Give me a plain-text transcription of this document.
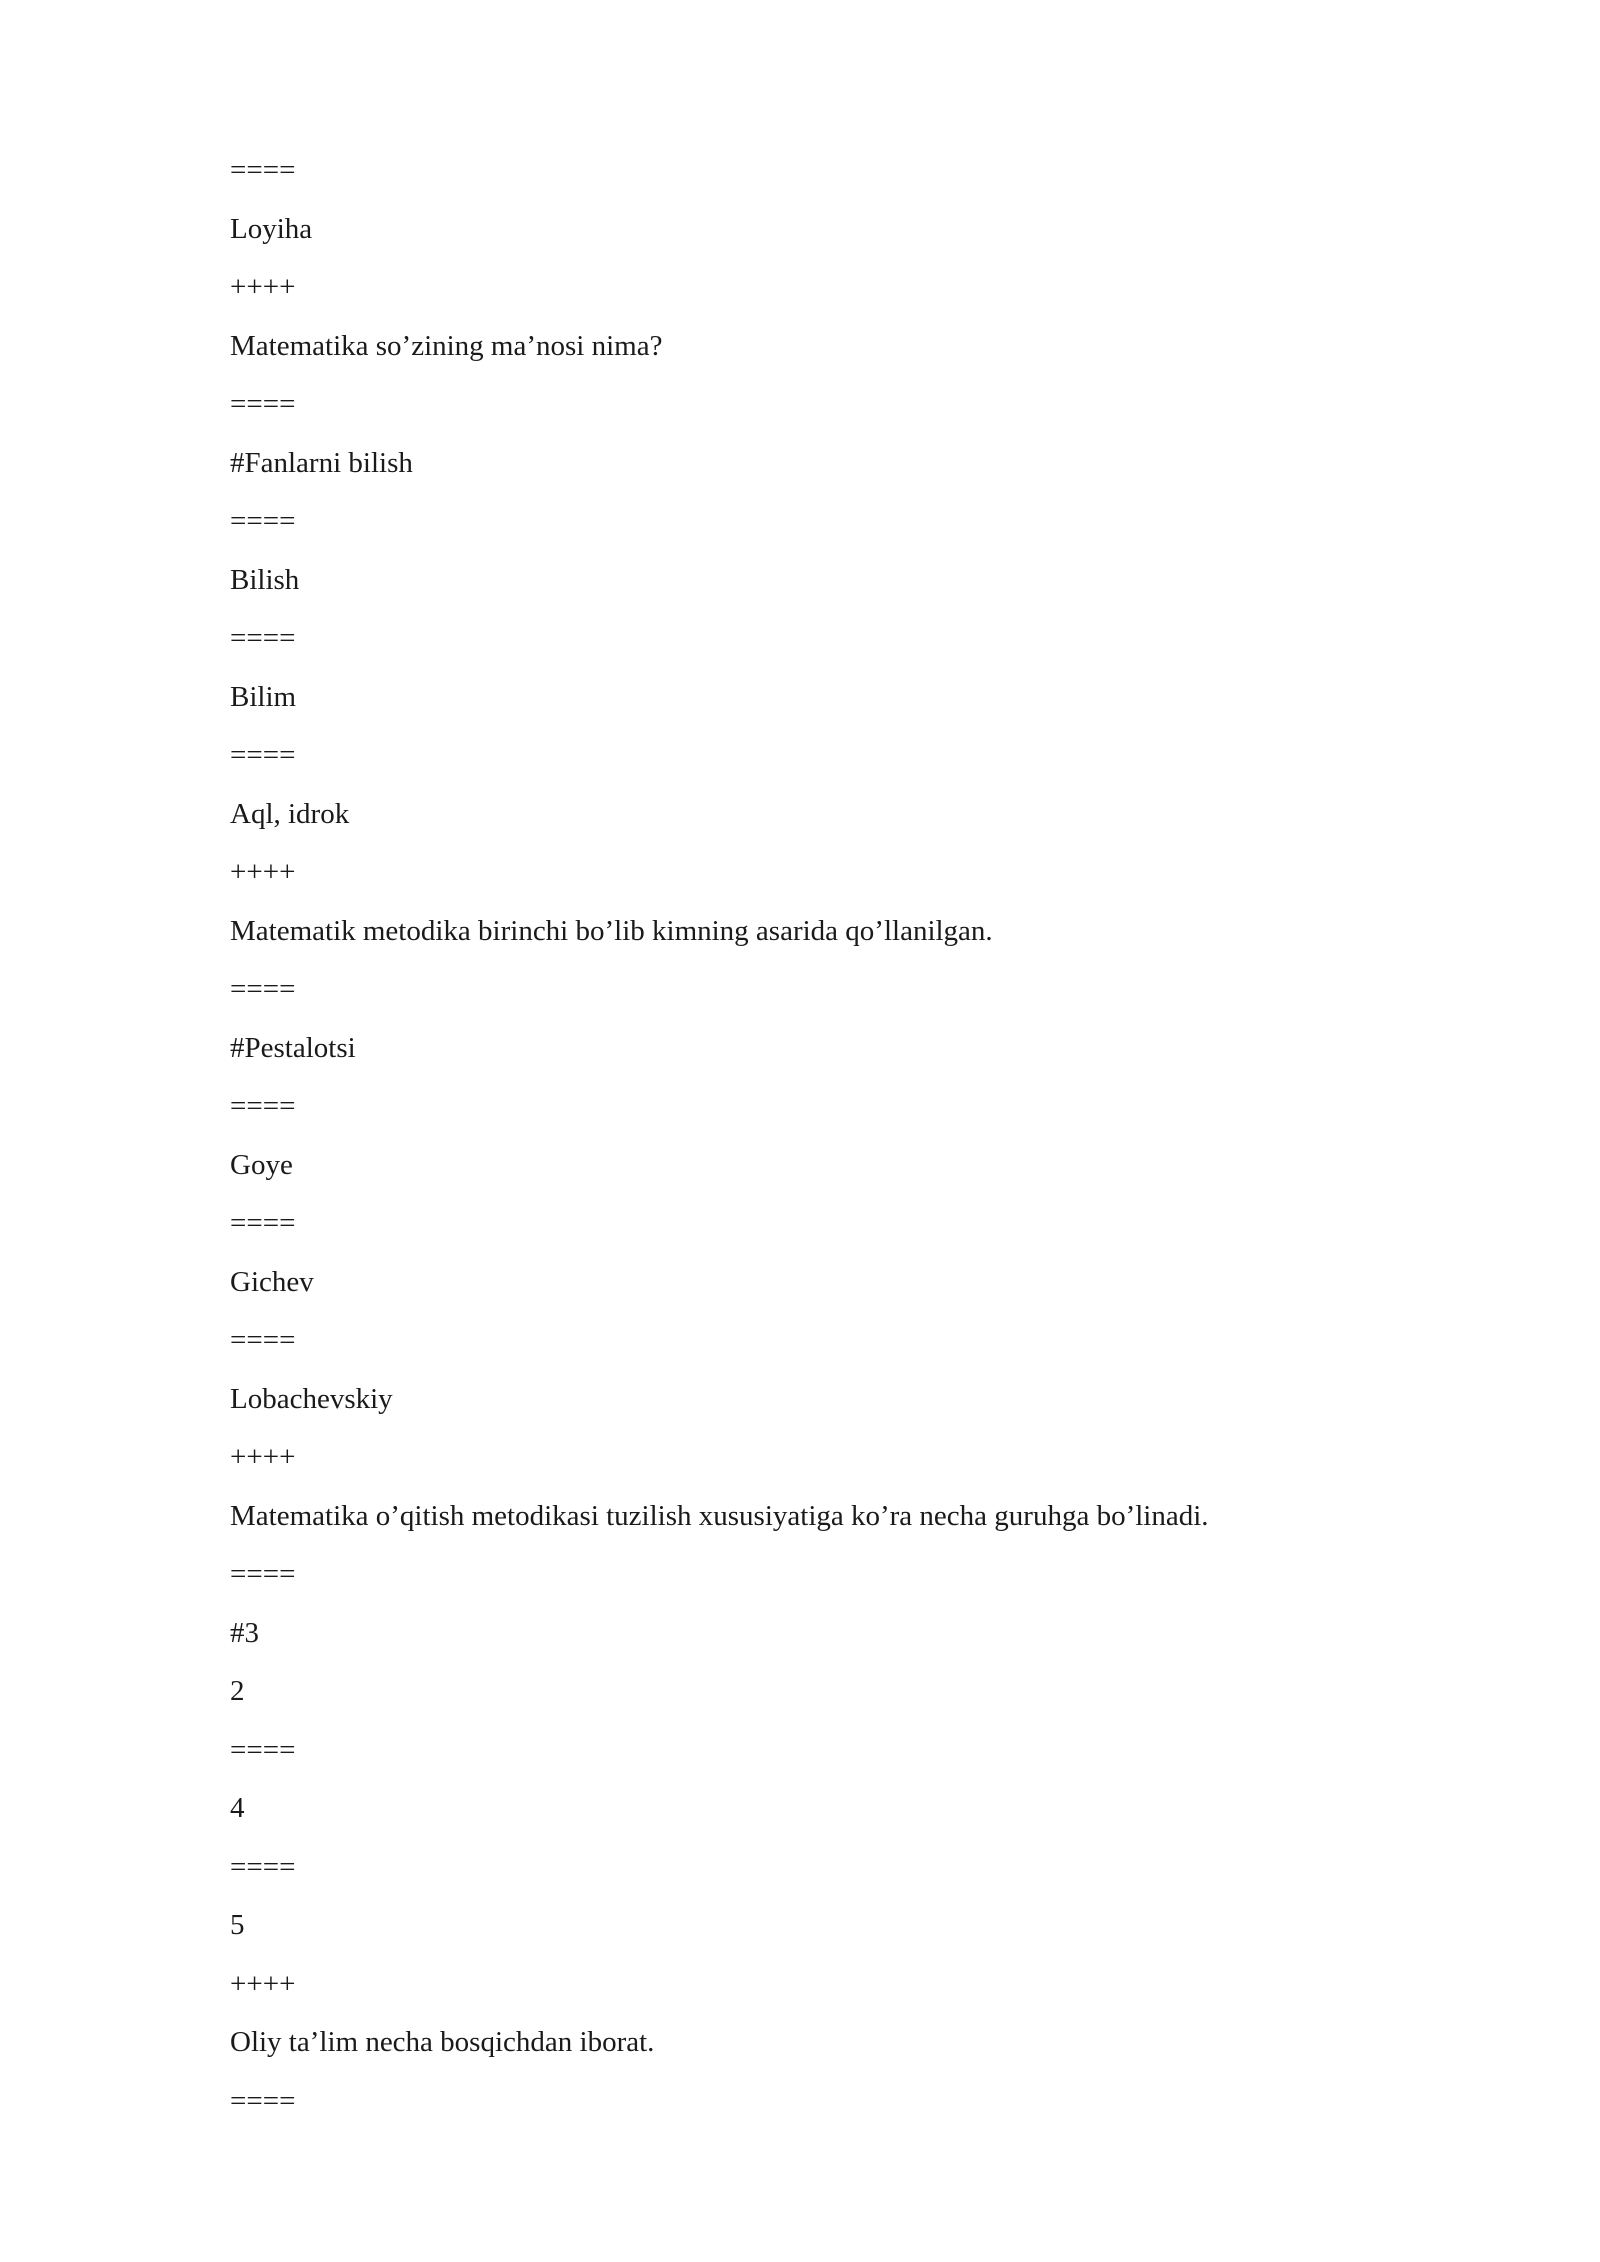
====

Loyiha

++++

Matematika so’zining ma’nosi nima?

====

#Fanlarni bilish

====

Bilish

====

Bilim

====

Aql, idrok

++++

Matematik metodika birinchi bo’lib kimning asarida qo’llanilgan.

====

#Pestalotsi

====

Goye

====

Gichev

====

Lobachevskiy

++++

Matematika o’qitish metodikasi tuzilish xususiyatiga ko’ra necha guruhga bo’linadi.

====

#3

2

====

4

====

5

++++

Oliy ta’lim necha bosqichdan iborat.

====
